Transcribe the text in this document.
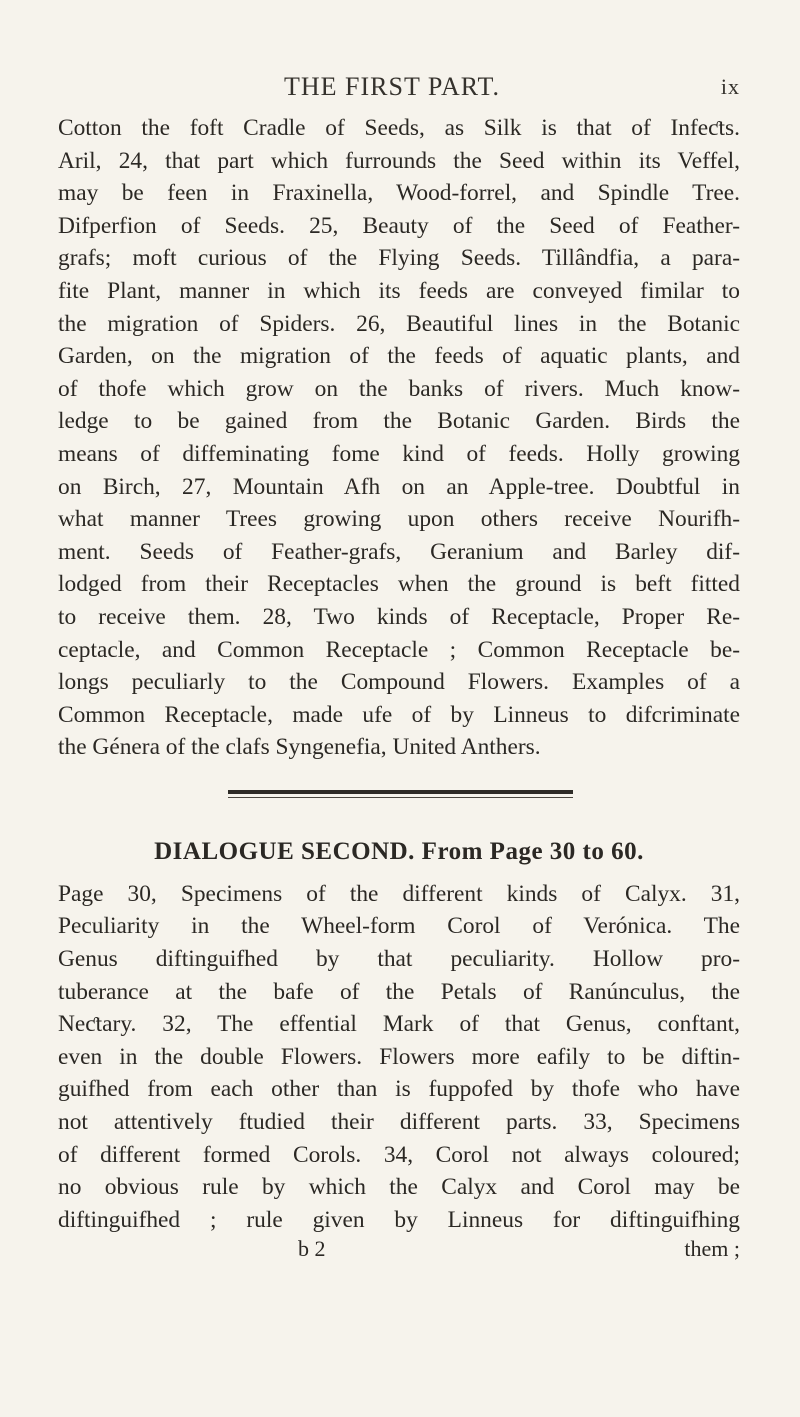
THE FIRST PART.	ix

Cotton the foft Cradle of Seeds, as Silk is that of Infeƈts.
Aril, 24, that part which furrounds the Seed within its Veffel,
may be feen in Fraxinella, Wood-forrel, and Spindle Tree.
Difperfion of Seeds. 25, Beauty of the Seed of Feather-
grafs; moft curious of the Flying Seeds. Tillândfia, a para-
fite Plant, manner in which its feeds are conveyed fimilar to
the migration of Spiders. 26, Beautiful lines in the Botanic
Garden, on the migration of the feeds of aquatic plants, and
of thofe which grow on the banks of rivers. Much know-
ledge to be gained from the Botanic Garden. Birds the
means of diffeminating fome kind of feeds. Holly growing
on Birch, 27, Mountain Afh on an Apple-tree. Doubtful in
what manner Trees growing upon others receive Nourifh-
ment. Seeds of Feather-grafs, Geranium and Barley dif-
lodged from their Receptacles when the ground is beft fitted
to receive them. 28, Two kinds of Receptacle, Proper Re-
ceptacle, and Common Receptacle ; Common Receptacle be-
longs peculiarly to the Compound Flowers. Examples of a
Common Receptacle, made ufe of by Linneus to difcriminate
the Génera of the clafs Syngenefia, United Anthers.

DIALOGUE SECOND. From Page 30 to 60.

Page 30, Specimens of the different kinds of Calyx. 31,
Peculiarity in the Wheel-form Corol of Verónica. The
Genus diftinguifhed by that peculiarity. Hollow pro-
tuberance at the bafe of the Petals of Ranúnculus, the
Neƈtary. 32, The effential Mark of that Genus, conftant,
even in the double Flowers. Flowers more eafily to be diftin-
guifhed from each other than is fuppofed by thofe who have
not attentively ftudied their different parts. 33, Specimens
of different formed Corols. 34, Corol not always coloured;
no obvious rule by which the Calyx and Corol may be
diftinguifhed ; rule given by Linneus for diftinguifhing

b 2	them ;
